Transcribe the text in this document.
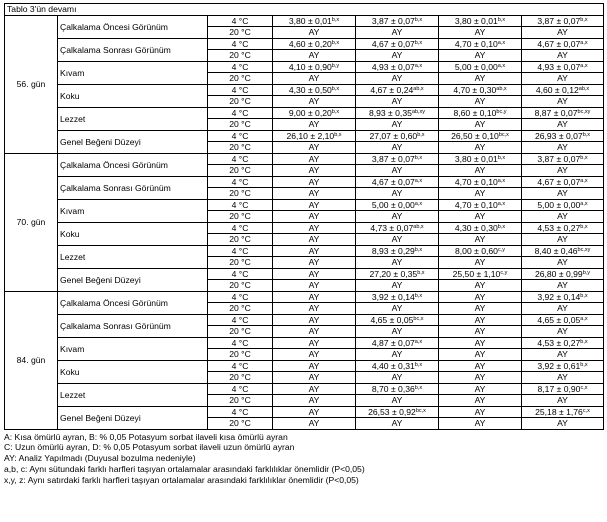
Tablo 3'ün devamı						
56. gün	Çalkalama Öncesi Görünüm	4 °C	$3,80 \pm 0,01^{b,x}$	$3,87 \pm 0,07^{b,x}$	$3,80 \pm 0,01^{b,x}$	$3,87 \pm 0,07^{b,x}$
		20 °C	AY	AY	AY	AY
	Çalkalama Sonrası Görünüm	4 °C	$4,60 \pm 0,20^{b,x}$	$4,67 \pm 0,07^{b,x}$	$4,70 \pm 0,10^{a,x}$	$4,67 \pm 0,07^{a,x}$
		20 °C	AY	AY	AY	AY
	Kıvam	4 °C	$4,10 \pm 0,90^{b,y}$	$4,93 \pm 0,07^{a,x}$	$5,00 \pm 0,00^{a,x}$	$4,93 \pm 0,07^{a,x}$
		20 °C	AY	AY	AY	AY
	Koku	4 °C	$4,30 \pm 0,50^{b,x}$	$4,67 \pm 0,24^{ab,x}$	$4,70 \pm 0,30^{ab,x}$	$4,60 \pm 0,12^{ab,x}$
		20 °C	AY	AY	AY	AY
	Lezzet	4 °C	$9,00 \pm 0,20^{b,x}$	$8,93 \pm 0,35^{ab,xy}$	$8,60 \pm 0,10^{bc,y}$	$8,87 \pm 0,07^{bc,xy}$
		20 °C	AY	AY	AY	AY
	Genel Beğeni Düzeyi	4 °C	$26,10 \pm 2,10^{b,x}$	$27,07 \pm 0,60^{b,x}$	$26,50 \pm 0,10^{bc,x}$	$26,93 \pm 0,07^{b,x}$
		20 °C	AY	AY	AY	AY
70. gün	Çalkalama Öncesi Görünüm	4 °C	AY	$3,87 \pm 0,07^{b,x}$	$3,80 \pm 0,01^{b,x}$	$3,87 \pm 0,07^{b,x}$
		20 °C	AY	AY	AY	AY
	Çalkalama Sonrası Görünüm	4 °C	AY	$4,67 \pm 0,07^{a,x}$	$4,70 \pm 0,10^{a,x}$	$4,67 \pm 0,07^{a,x}$
		20 °C	AY	AY	AY	AY
	Kıvam	4 °C	AY	$5,00 \pm 0,00^{a,x}$	$4,70 \pm 0,10^{a,x}$	$5,00 \pm 0,00^{a,x}$
		20 °C	AY	AY	AY	AY
	Koku	4 °C	AY	$4,73 \pm 0,07^{ab,x}$	$4,30 \pm 0,30^{b,x}$	$4,53 \pm 0,27^{b,x}$
		20 °C	AY	AY	AY	AY
	Lezzet	4 °C	AY	$8,93 \pm 0,29^{b,x}$	$8,00 \pm 0,60^{c,y}$	$8,40 \pm 0,46^{bc,xy}$
		20 °C	AY	AY	AY	AY
	Genel Beğeni Düzeyi	4 °C	AY	$27,20 \pm 0,35^{b,x}$	$25,50 \pm 1,10^{c,y}$	$26,80 \pm 0,99^{b,y}$
		20 °C	AY	AY	AY	AY
84. gün	Çalkalama Öncesi Görünüm	4 °C	AY	$3,92 \pm 0,14^{b,x}$	AY	$3,92 \pm 0,14^{b,x}$
		20 °C	AY	AY	AY	AY
	Çalkalama Sonrası Görünüm	4 °C	AY	$4,65 \pm 0,05^{bc,x}$	AY	$4,65 \pm 0,05^{a,x}$
		20 °C	AY	AY	AY	AY
	Kıvam	4 °C	AY	$4,87 \pm 0,07^{a,x}$	AY	$4,53 \pm 0,27^{b,x}$
		20 °C	AY	AY	AY	AY
	Koku	4 °C	AY	$4,40 \pm 0,31^{b,x}$	AY	$3,92 \pm 0,61^{b,x}$
		20 °C	AY	AY	AY	AY
	Lezzet	4 °C	AY	$8,70 \pm 0,36^{b,x}$	AY	$8,17 \pm 0,90^{c,x}$
		20 °C	AY	AY	AY	AY
	Genel Beğeni Düzeyi	4 °C	AY	$26,53 \pm 0,92^{bc,x}$	AY	$25,18 \pm 1,76^{c,x}$
		20 °C	AY	AY	AY	AY
A: Kısa ömürlü ayran, B: % 0,05 Potasyum sorbat ilaveli kısa ömürlü ayran
C: Uzun ömürlü ayran, D: % 0,05 Potasyum sorbat ilaveli uzun ömürlü ayran
AY: Analiz Yapılmadı (Duyusal bozulma nedeniyle)
a,b, c: Aynı sütundaki farklı harfleri taşıyan ortalamalar arasındaki farklılıklar önemlidir (P<0,05)
x,y, z: Aynı satırdaki farklı harfleri taşıyan ortalamalar arasındaki farklılıklar önemlidir (P<0,05)
